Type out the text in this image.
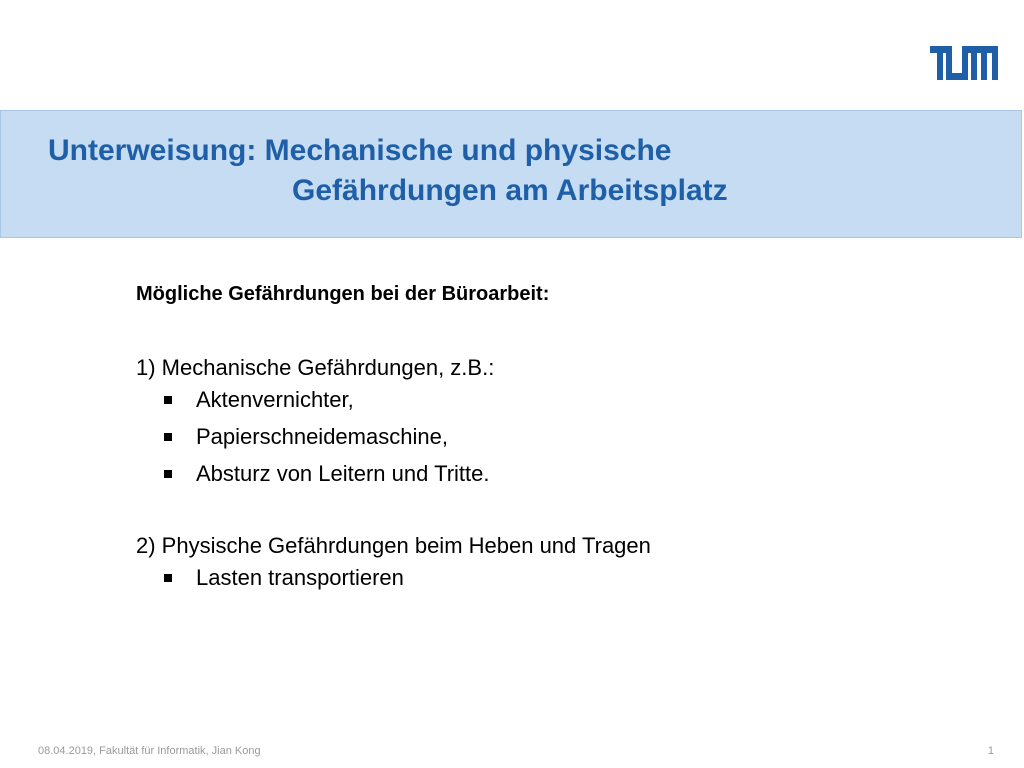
Unterweisung: Mechanische und physische
Gefährdungen am Arbeitsplatz

Mögliche Gefährdungen bei der Büroarbeit:

1) Mechanische Gefährdungen, z.B.:

Aktenvernichter,
Papierschneidemaschine,
Absturz von Leitern und Tritte.

2) Physische Gefährdungen beim Heben und Tragen

Lasten transportieren
08.04.2019, Fakultät für Informatik, Jian Kong	1
